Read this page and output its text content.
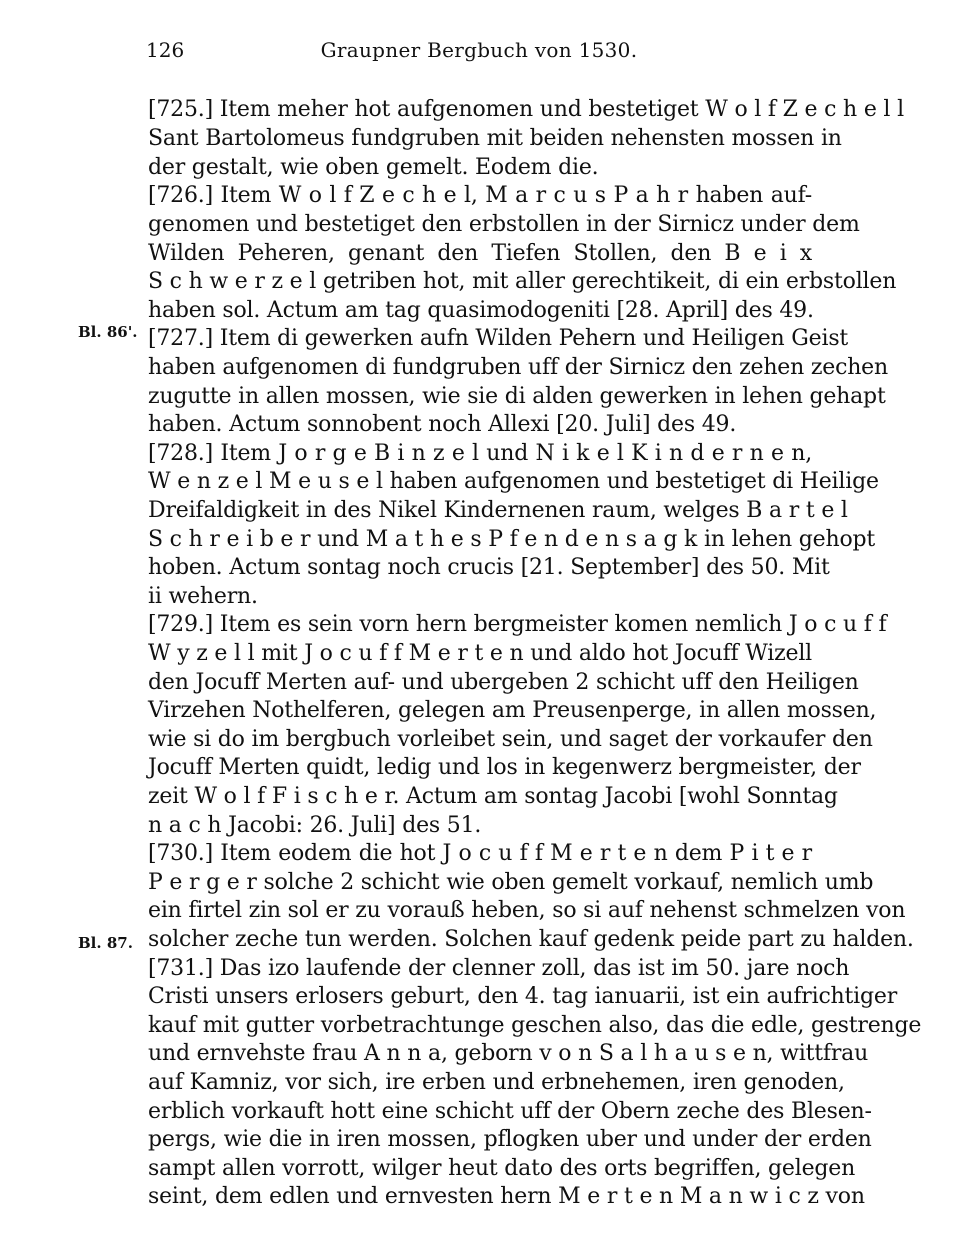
126	Graupner Bergbuch von 1530.
Bl. 86'.
Bl. 87.
[725.] Item meher hot aufgenomen und bestetiget W o l f Z e c h e l l
Sant Bartolomeus fundgruben mit beiden nehensten mossen in
der gestalt, wie oben gemelt. Eodem die.
[726.] Item W o l f Z e c h e l, M a r c u s P a h r haben auf-
genomen und bestetiget den erbstollen in der Sirnicz under dem
Wilden Peheren, genant den Tiefen Stollen, den B e i x
S c h w e r z e l getriben hot, mit aller gerechtikeit, di ein erbstollen
haben sol. Actum am tag quasimodogeniti [28. April] des 49.
[727.] Item di gewerken aufn Wilden Pehern und Heiligen Geist
haben aufgenomen di fundgruben uff der Sirnicz den zehen zechen
zugutte in allen mossen, wie sie di alden gewerken in lehen gehapt
haben. Actum sonnobent noch Allexi [20. Juli] des 49.
[728.] Item J o r g e B i n z e l und N i k e l K i n d e r n e n,
W e n z e l M e u s e l haben aufgenomen und bestetiget di Heilige
Dreifaldigkeit in des Nikel Kindernenen raum, welges B a r t e l
S c h r e i b e r und M a t h e s P f e n d e n s a g k in lehen gehopt
hoben. Actum sontag noch crucis [21. September] des 50. Mit
ii wehern.
[729.] Item es sein vorn hern bergmeister komen nemlich J o c u f f
W y z e l l mit J o c u f f M e r t e n und aldo hot Jocuff Wizell
den Jocuff Merten auf- und ubergeben 2 schicht uff den Heiligen
Virzehen Nothelferen, gelegen am Preusenperge, in allen mossen,
wie si do im bergbuch vorleibet sein, und saget der vorkaufer den
Jocuff Merten quidt, ledig und los in kegenwerz bergmeister, der
zeit W o l f F i s c h e r. Actum am sontag Jacobi [wohl Sonntag
n a c h Jacobi: 26. Juli] des 51.
[730.] Item eodem die hot J o c u f f M e r t e n dem P i t e r
P e r g e r solche 2 schicht wie oben gemelt vorkauf, nemlich umb
ein firtel zin sol er zu vorauß heben, so si auf nehenst schmelzen von
solcher zeche tun werden. Solchen kauf gedenk peide part zu halden.
[731.] Das izo laufende der clenner zoll, das ist im 50. jare noch
Cristi unsers erlosers geburt, den 4. tag ianuarii, ist ein aufrichtiger
kauf mit gutter vorbetrachtunge geschen also, das die edle, gestrenge
und ernvehste frau A n n a, geborn v o n S a l h a u s e n, wittfrau
auf Kamniz, vor sich, ire erben und erbnehemen, iren genoden,
erblich vorkauft hott eine schicht uff der Obern zeche des Blesen-
pergs, wie die in iren mossen, pflogken uber und under der erden
sampt allen vorrott, wilger heut dato des orts begriffen, gelegen
seint, dem edlen und ernvesten hern M e r t e n M a n w i c z von
